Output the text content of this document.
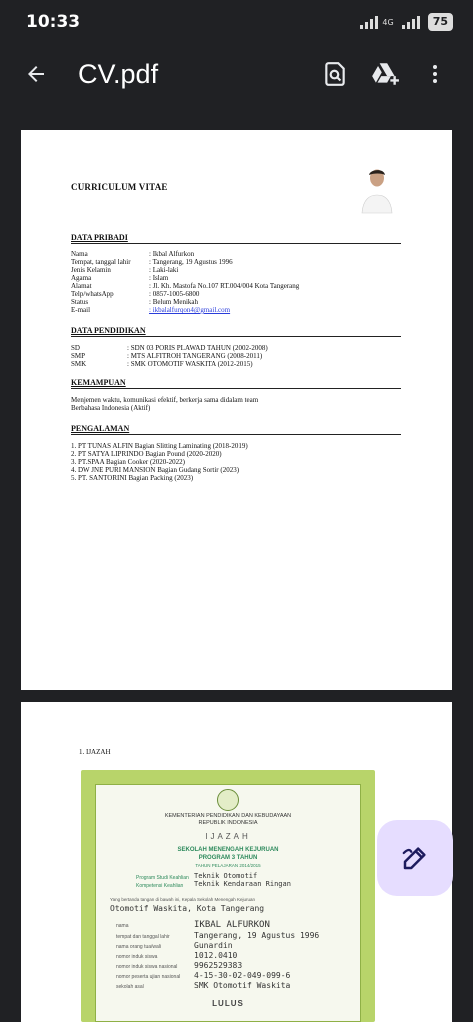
10:33	4G	75
CV.pdf
CURRICULUM VITAE
DATA PRIBADI
Nama	: Ikbal Alfurkon
Tempat, tanggal lahir	: Tangerang, 19 Agustus 1996
Jenis Kelamin	: Laki-laki
Agama	: Islam
Alamat	: Jl. Kh. Mastofa No.107 RT.004/004 Kota Tangerang
Telp/whatsApp	: 0857-1005-6800
Status	: Belum Menikah
E-mail	: ikbalalfurqon4@gmail.com
DATA PENDIDIKAN
SD	: SDN 03 PORIS PLAWAD TAHUN (2002-2008)
SMP	: MTS ALFITROH TANGERANG (2008-2011)
SMK	: SMK OTOMOTIF WASKITA (2012-2015)
KEMAMPUAN
Menjemen waktu, komunikasi efektif, berkerja sama didalam team
Berbahasa Indonesia (Aktif)
PENGALAMAN
1. PT TUNAS ALFIN Bagian Slitting Laminating (2018-2019)
2. PT SATYA LIPRINDO Bagian Pound (2020-2020)
3. PT.SPAA Bagian Cooker (2020-2022)
4. DW JNE PURI MANSION Bagian Gudang Sortir (2023)
5. PT. SANTORINI Bagian Packing (2023)
1. IJAZAH
KEMENTERIAN PENDIDIKAN DAN KEBUDAYAAN
REPUBLIK INDONESIA
IJAZAH
SEKOLAH MENENGAH KEJURUAN
PROGRAM 3 TAHUN
TAHUN PELAJARAN 2014/2015
Program Studi Keahlian Teknik Otomotif
Kompetensi Keahlian Teknik Kendaraan Ringan
Yang bertanda tangan di bawah ini, Kepala Sekolah Menengah Kejuruan
Otomotif Waskita, Kota Tangerang
nama	IKBAL ALFURKON
tempat dan tanggal lahir	Tangerang, 19 Agustus 1996
nama orang tua/wali	Gunardin
nomor induk siswa	1012.0410
nomor induk siswa nasional 9962529383
nomor peserta ujian nasional 4-15-30-02-049-099-6
sekolah asal	SMK Otomotif Waskita
LULUS
